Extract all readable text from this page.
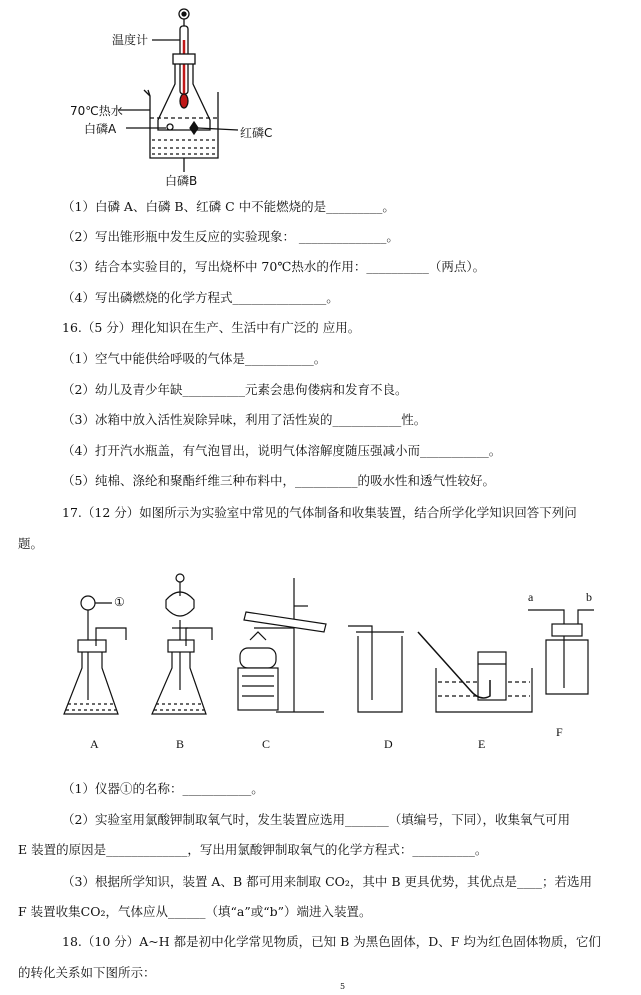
温度计
70℃热水
白磷A	红磷C
白磷B
（1）白磷 A、白磷 B、红磷 C 中不能燃烧的是_________。
（2）写出锥形瓶中发生反应的实验现象： ______________。
（3）结合本实验目的，写出烧杯中 70℃热水的作用：__________（两点）。
（4）写出磷燃烧的化学方程式_______________。
16.（5 分）理化知识在生产、生活中有广泛的 应用。
（1）空气中能供给呼吸的气体是___________。
（2）幼儿及青少年缺__________元素会患佝偻病和发育不良。
（3）冰箱中放入活性炭除异味，利用了活性炭的___________性。
（4）打开汽水瓶盖，有气泡冒出，说明气体溶解度随压强减小而___________。
（5）纯棉、涤纶和聚酯纤维三种布料中，__________的吸水性和透气性较好。
17.（12 分）如图所示为实验室中常见的气体制备和收集装置，结合所学化学知识回答下列问
题。
①	a	b
A	B	C	D	E
F
（1）仪器①的名称：___________。
（2）实验室用氯酸钾制取氧气时，发生装置应选用_______（填编号，下同），收集氧气可用
E 装置的原因是_____________，写出用氯酸钾制取氧气的化学方程式：__________。
（3）根据所学知识，装置 A、B 都可用来制取 CO₂，其中 B 更具优势，其优点是____；若选用
F 装置收集CO₂，气体应从______（填“a”或“b”）端进入装置。
18.（10 分）A~H 都是初中化学常见物质，已知 B 为黑色固体，D、F 均为红色固体物质，它们
的转化关系如下图所示：
5
